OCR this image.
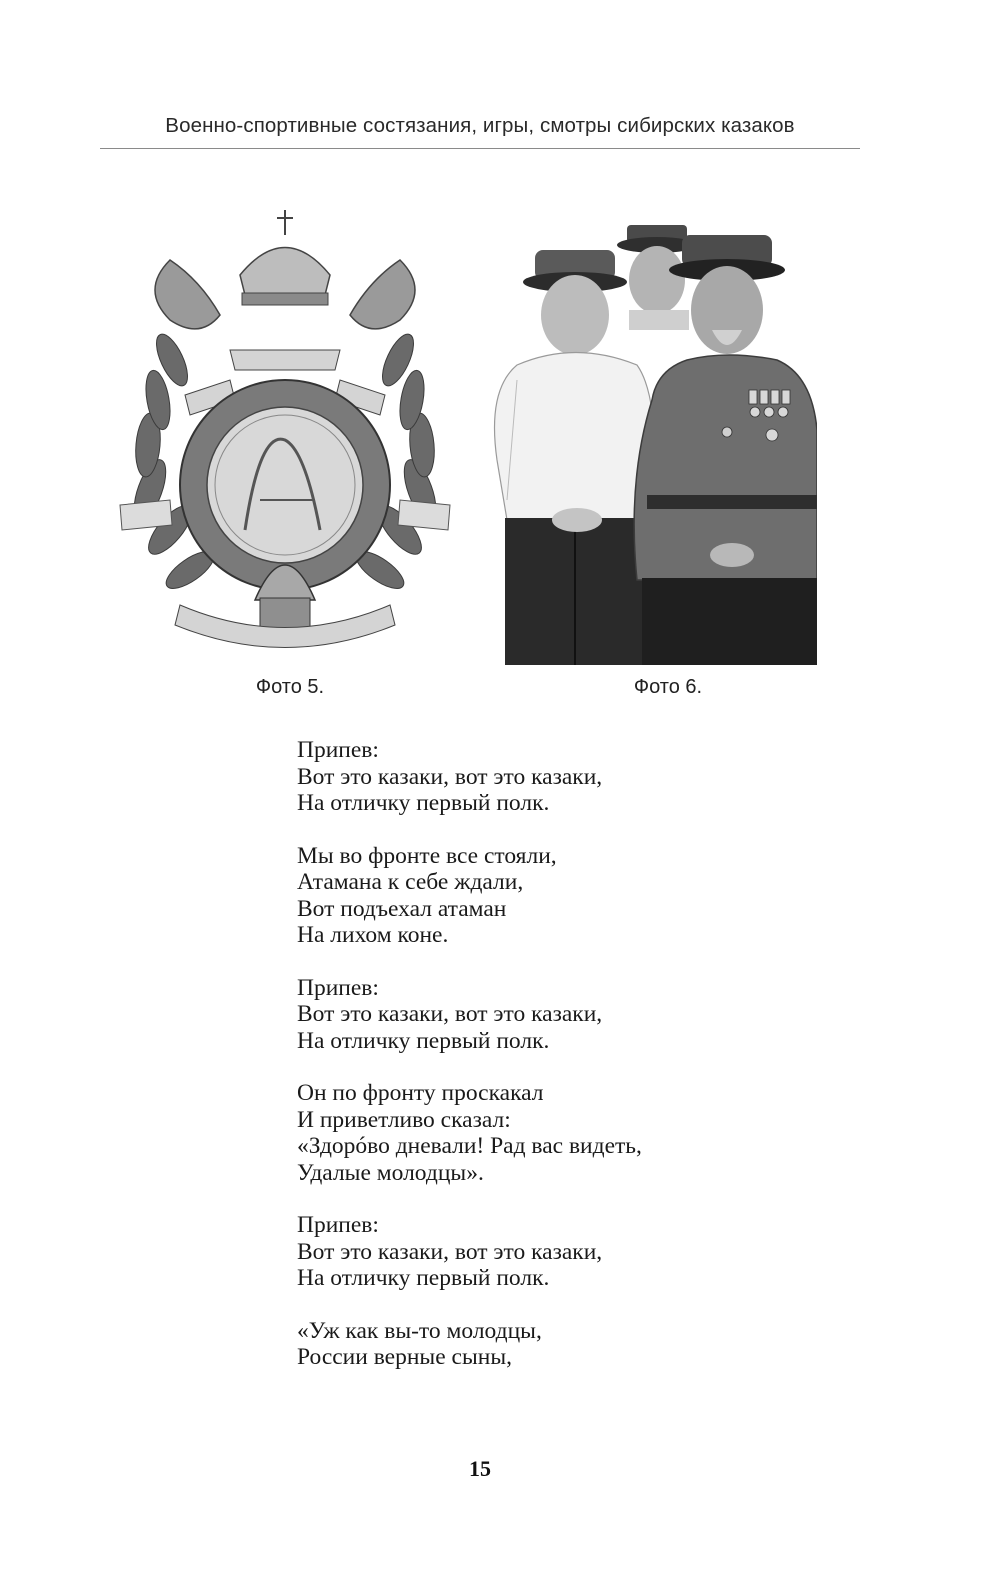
Военно-спортивные состязания, игры, смотры сибирских казаков
Фото 5.	Фото 6.
Припев:
Вот это казаки, вот это казаки,
На отличку первый полк.
Мы во фронте все стояли,
Атамана к себе ждали,
Вот подъехал атаман
На лихом коне.
Припев:
Вот это казаки, вот это казаки,
На отличку первый полк.
Он по фронту проскакал
И приветливо сказал:
«Здорóво дневали! Рад вас видеть,
Удалые молодцы».
Припев:
Вот это казаки, вот это казаки,
На отличку первый полк.
«Уж как вы-то молодцы,
России верные сыны,
15
